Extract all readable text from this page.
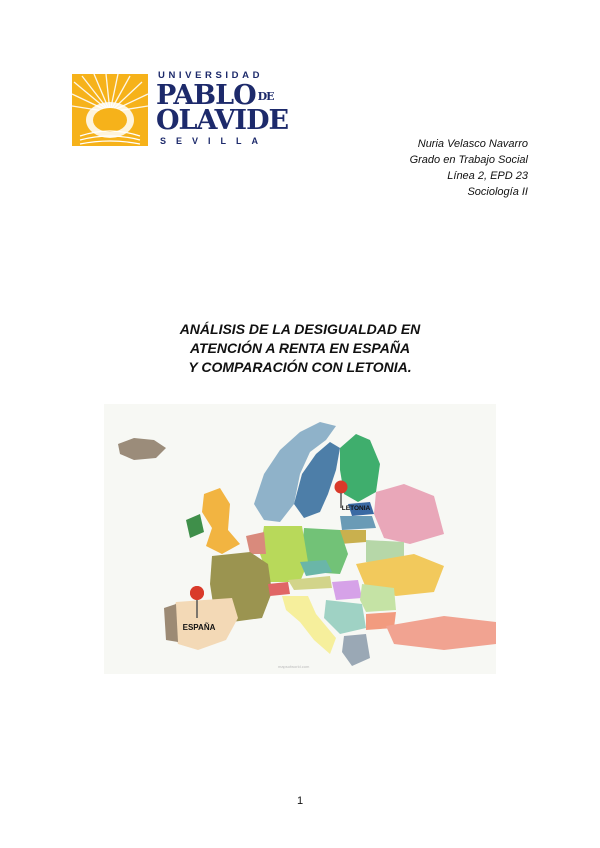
UNIVERSIDAD
PABLO DE
OLAVIDE
SEVILLA	Nuria Velasco Navarro
Grado en Trabajo Social
Línea 2, EPD 23
Sociología II
ANÁLISIS DE LA DESIGUALDAD EN
ATENCIÓN A RENTA EN ESPAÑA
Y COMPARACIÓN CON LETONIA.
ESPAÑA
LETONIA
mapsofworld.com
1
